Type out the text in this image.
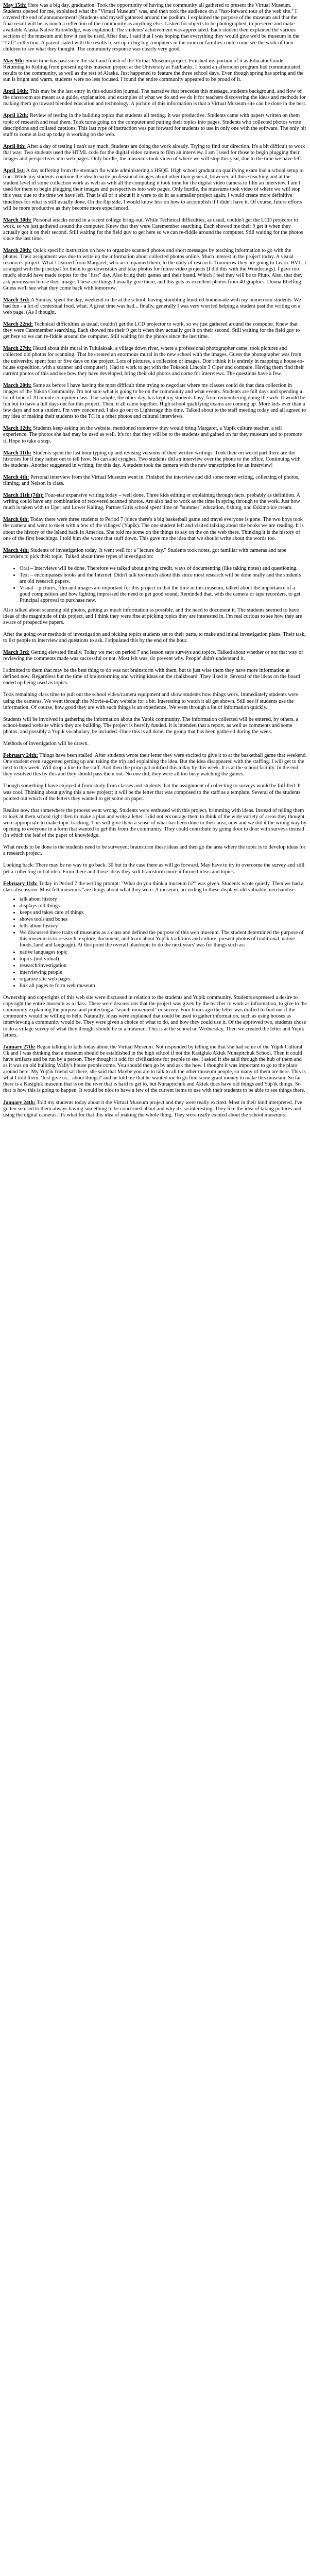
May 15th: Here was a big day, graduation. Took the opportunity of having the community all gathered to present the Virtual Museum. Students opened for me, explained what the "Virtual Museum" was, and then took the audience on a "fast-forward tour of the web site." I covered the end of announcement! (Students and myself gathered around the podium. I explained the purpose of the museum and that the final result will be as much a reflection of the community as anything else. I asked for objects to be photographed, to preserve and make available Alaska Native Knowledge, was explained. The students' achievement was appreciated. Each student then explained the various sections of the museum and how it can be used. After that, I said that I was hoping that everything they would give we'd be museum in the "Gift" collection. A parent stated with the results to set up in big big computers in the room or families could come see the work of their children to see what they thought. The community response was clearly very good.

May 9th: Some time has past since the start and finish of the Virtual Museum project. Finished my portion of it as Educator Guide. Returning to Kolitug from presenting this museum project at the University at Fairbanks, I found an afternoon program had communicated results to the community, as well as the rest of Alaska. Just happened to feature the three school days. Even though spring has spring and the sun is bright and warm, students were no less focused. I found the entire community appeared to be proud of it.

April 14th: This may be the last entry in this education journal. The narrative that precedes this message, students background, and flow of the classroom are meant as a guide, explanation, and examples of what we do and we do it for teachers discovering the ideas and methods for making them go toward blended education and technology. A picture of this information is that a Virtual Museum site can be done in the best.

April 12th: Review of testing in the building topics that students all testing. It was productive. Students came with papers written on them topic of research and read them. Took turns going on the computer and putting their topics into pages. Students who collected photos wrote descriptions and collated captions. This last type of instruction was put forward for students to use in only one with the software. The only bit stuff to come at last up today is working on the web.

April 8th: After a day of testing I can't say much. Students are doing the work already. Trying to find our direction. It's a bit difficult to work that way. Two students used the HTML code for the digital video camera to film an interview. I am I used for those to begin plugging their images and perspectives into web pages. Only hurdle, the museums took video of where we will stop this year, due to the time we have left.

April 1st: A day suffering from the stomach flu while administering a HSQE. High school graduation qualifying exam had a school setup to find. While my students continue the idea to write professional images about other than general, however, all those teaching and at the student level of some collection work as well as with all the computing it took time for the digital video camera to film an interview. I am I used for them to begin plugging their images and perspectives into web pages. Only hurdle, the museums took video of where we will stop this year, due to the time we have left. That is all of it about if it were to do it: as a smaller project again, I would create more definitive timelines for what is still usually done. On the flip side, I would know less on how to accomplish if I didn't have it. Of course, future efforts will be more productive as they become more experienced.

March 30th: Personal attacks noted in a recent college bring-out. While Technical difficulties, as usual, couldn't get the LCD projector to work, so we just gathered around the computer. Knew that they were Caremember searching. Each showed me their 9 get it when they actually got it on their second. Still waiting for the field guy to get here so we can re-fiddle around the computer. Still waiting for the photos since the last time.

March 20th: Quick specific instruction on how to organize scanned photos and short messages by teaching information to go with the photos. Their assignment was due to write up the information about collected photos online. Much interest in the project today. A visual resources project. What I learned from Margaret, who accompanied them, to the daily of research. Tomorrow they are going to Learn. HVL. I arranged with the principal for them to go downstairs and take photos for future video projects (I did this with the Wonderings). I gave too much; should have made copies for the "first" day. Also bring their games and their brand. Which I feel they will be to Pluto. Also, that they ask permission to use their image. These are things I usually give them, and this gets us excellent photos from 40 graphics. Donna Ebelfing. Guess we'll see what they come back with tomorrow.

March 3rd: A Sunday, spent the day, weekend in the at the school, having stumbling hundred homemade with my homeroom students. We had fun - a lot of contextual food, what. A great time was had... finally, generally I was very worried helping a student past the writing on a web page. (As I thought.

March 22nd: Technical difficulties as usual, couldn't get the LCD projector to work, so we just gathered around the computer. Knew that they were Caremember searching. Each showed me their 9 get it when they actually got it on their second. Still waiting for the field guy to get here so we can re-fiddle around the computer. Still waiting for the photos since the last time.

March 27th: Heard about this mural in Tululaksak, a village down river, where a professional photographer came, took pictures and collected old photos for scanning. That he created an enormous mural in the new school with the images. Guess the photographer was from the university, spent four or five days on the project. Lots of pictures, a collection of images. Don't think it is entirely in mapping a house-to-house expedition, with a scanner and computer!). Had to work to get with the Toksook Lincoln 3 Ciper and compare. Having them find their current photos of this and see how they have developed, bring their old photos and come for interviews. The questions have a few.

March 20th: Same as before I have having the most difficult time trying to negotiate where my classes could do that data collection in images of the Yukon Community. I'm not sure what is going to be on the community and what events. Students are full days and spending a lot of time of 20 minute computer class. The sample, the other day, has kept my students busy, from remembering doing the web. It would be fun but to have a lull days out for this project. Then, it all came together. High school qualifying exams are coming up. More kids ever than a few days and not a student. I'm very concerned. I also go out to Lighterage this time. Talked about to the staff meeting today and all agreed to my idea of making their students to the TC in a other photos and cultural interviews.

March 12th: Students keep asking on the website, mentioned tomorrow they would bring Margaret, a Yupik culture teacher, a tell experience. The photos she had may be used as well. It's for that they will be to the students and gained on far they museum and to promote it. Hope to take a step.

March 11th: Students spent the last hour typing up and revising versions of their written writings. Took their on world part there are the histories for if they rather out to tell how. No can and cynghes. Two students did an interview over the phone to the office. Continuing with the students. Another suggested in writing, for this day. A student took the camera with the new transcription for an interview!

March 4th: Personal interview from the Virtual Museum went in. Finished the interview and did some more writing, collecting of photos, filming, and Nelson in class.

March 11th (7th): Four-star expansive writing today – well done. Three kids editing or explaining through facts, probably as definition. A writing could have any combination of recovered scanned photos. Are also had to work as the time in spring through to the work. Just how much is taken with to Uper and Lower Kalitug, Partner Girls school spent time on "summer" education, fishing, and Eskimo ice cream.

March 6th: Today there were three students to Period 7 (since there's a big basketball game and travel everyone is gone. The two boys took the camera and went to meet with a few of the villages' (Yupik). The one student left and visited talking about the books we are reading. It is about the history of the Island back in America. She told me some on the things to say on the on the web there. Thinking it is the history of one of the first beachings. I told him she wrote that stuff down. This gave me the idea that we should write about the words too.

March 4th: Students of investigation today. It went well for a "lecture day." Students took notes, got familiar with cameras and tape recorders to pick their topic. Talked about three types of investigation:

• Oral – interviews will be done. Therefore we talked about giving credit, ways of documenting (like taking notes) and questioning.
• Text – encompasses books and the Internet. Didn't talk too much about this since most research will be done orally and the students are old research papers.
• Visual – pictures, film and images are important for this project in that the time in this museum, talked about the importance of a good composition and how lighting impressed the need to get good sound. Reminded that, with the camera or tape recorders, to get Principal approval to purchase new.

Also talked about scanning old photos, getting as much information as possible, and the need to document it. The students seemed to have ideas of the magnitude of this project, and I think they were fine at picking topics they are interested in. I'm real curious to see how they are aware of prospective papers.

After the going over methods of investigation and picking topics students set to their parts, to make and initial investigation plans. Their task, to list people to interview and questions to ask. I stipulated this by the end of the hour.

March 3rd: Getting elevated finally. Today we met on period 7 and lesson says surveys and topics. Talked about whether or not that way of reviewing the comments made was successful or not. Most felt was, do prevent why. People' didn't understand it.

I admitted to them that may be the best thing to do was not brainstorm with them, but to just wise them they have more information at defined now. Regardless but the time of brainstorming and writing ideas on the chalkboard. They liked it. Several of the ideas on the board ended up being used as topics.

Took remaining class time to pull out the school video/camera equipment and show students how things work. Immediately students were using the cameras. We went through the Movie-a-Day website for a bit. Interesting to watch it all get shown. Still see if students use the information. Of course, how good they are with such things is an experience. We went through a lot of information quickly.

Students will be involved in gathering the information about the Yupik community. The information collected will be entered, by others, a school-based website which they are building. The project is heavily funded. It is intended that a report, as well as comments and some photos, and possibly a Yupik vocabulary, be included. Once this is all done, the group that has been gathered during the week.

Methods of investigation will be drawn.

February 24th: Things have been stalled. After students wrote their letter they were excited to give it to at the basketball game that weekend. One student even suggested getting up and taking the trip and explaining the idea. But the idea disappeared with the staffing. I will get to the next to this week. Will drop a line to the staff. And then the principal notified this today by this week. It is at the school facility. In the end they resolved this by this and they should pass them out. No one did; they were all too busy watching the games.

Though something I have enjoyed it from study from classes and students that the assignment of collecting to surveys would be fulfilled. It was cool. Thinking about giving this a new project; it will be the letter that was composed to the staff as a template. Several of the students pointed out which of the letters they wanted to get some on paper.

Realize now that somewhere the process went wrong. Students were enthused with this project, brimming with ideas. Instead of telling them to look at them school right then to make a plan and write a letter. I did not encourage them to think of the wide variety of areas they thought were appropriate to make topic tracking. This will give them a sense of what has been done in their area, now and we did it the wrong way by opening to everyone in a form that wanted to get this from the community. They could contribute by going door to door with surveys instead (in which the leaf of the paper of knowledge.

What needs to be done is the students need to be surveyed; brainstorm these ideas and then go the area where the topic is to develop ideas for a research project.

Looking back: There may be no way to go back. 30 but in the case there as will go forward. May have to try to overcome the survey and still pet a collecting initial idea. From there and those ideas they will brainstorm more informed ideas and topics.

February 11th: Today in Period 7 the writing prompt: "What do you think a museum is?" was given. Students wrote quietly. Then we had a class discussion. Most felt museums "are things about what they were. A museum, according to these displays old valuable merchandise:

• talk about history
• displays old things
• keeps and takes care of things
• shows tools and bones
• tells about history
• We discussed these traits of museums as a class and defined the purpose of this web museum. The student determined the purpose of this museum is to research, explore, document, and learn about Yup'ik traditions and culture, present photos of traditional, native foods, land and language). At this point the overall plan/topic to do the next years' was for things such as:
• native languages topic
• topics (individual)
• research/investigation
• interviewing people
• organize site web pages
• link all pages to form web museum

Ownership and copyrights of this web site were discussed in relation to the students and Yupik community. Students expressed a desire to copyright the entire museum as a class. There were discussions that the project was given by the teacher to work as information, to give to the community explaining the purpose and protecting a "search movement" or survey. Four hours ago the letter was drafted to find out if the community would be willing to help. Naturally, ideas were explained that could be used to gather information, such as using houses as interviewing a community would be. They were given a choice of what to do, and how they could use it. Of the approved two, students chose to do a village survey of what they thought should be in a museum. This is at the school on Wednesday. Then we created the letter and Yupik letters.

January 27th: Began talking to kids today about the Virtual Museum. Not responded by telling me that she had some of the Yupik Cultural Ck and I was thinking that a museum should be established in the high school if not the Kasigluk/Akiuk Nunapitchuk School. Then it could have artifacts and be run by a person. They thought it odd for civilizations for people to see. I asked if she said through the hub of them and as it was on old building Wally's house people come. You should then go by and ask the how. I thought it was important to go to the place around here. My Yup'ik friend sat there, she said that Maybe you are to talk to all the other museum people, so many of them are here. This is what I told them. 'Just give us... about things?' and he told me that he wanted me to go find some grant money to make this museum. So far there is a Kasigluk museum that is on the river that is hard to get to, but Nunapitchuk and Akiuk does have old things and Yup'ik things. So that is how this is going to happen. It would be nice to have a few of the current items to use with their students to be able to see things there.

January 24th: Told my students today about it the Virtual Museum project and they were really excited. Most in their kind interpreted. I've gotten so used to them always having something to be concerned about and why it's so interesting. They like the idea of taking pictures and using the digital cameras. It's what for that this idea of making the whole thing. They were really excited about the school museums.
